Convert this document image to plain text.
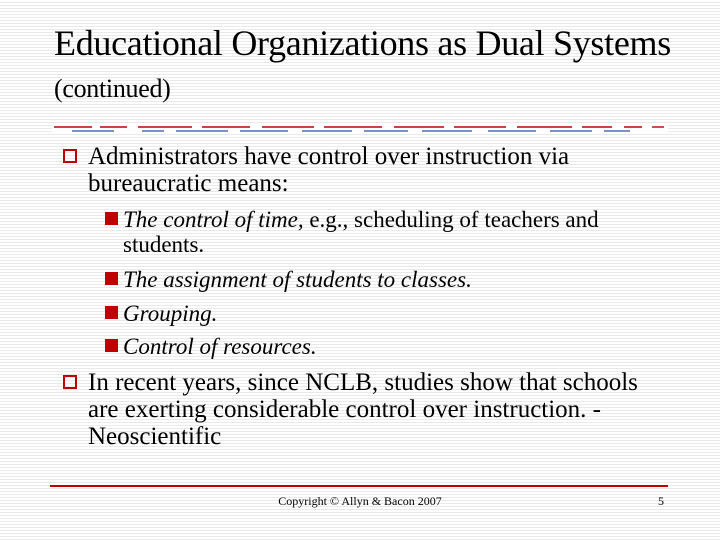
Educational Organizations as Dual Systems (continued)
Administrators have control over instruction via bureaucratic means:
The control of time, e.g., scheduling of teachers and students.
The assignment of students to classes.
Grouping.
Control of resources.
In recent years, since NCLB, studies show that schools are exerting considerable control over instruction. - Neoscientific
Copyright © Allyn & Bacon 2007	5
